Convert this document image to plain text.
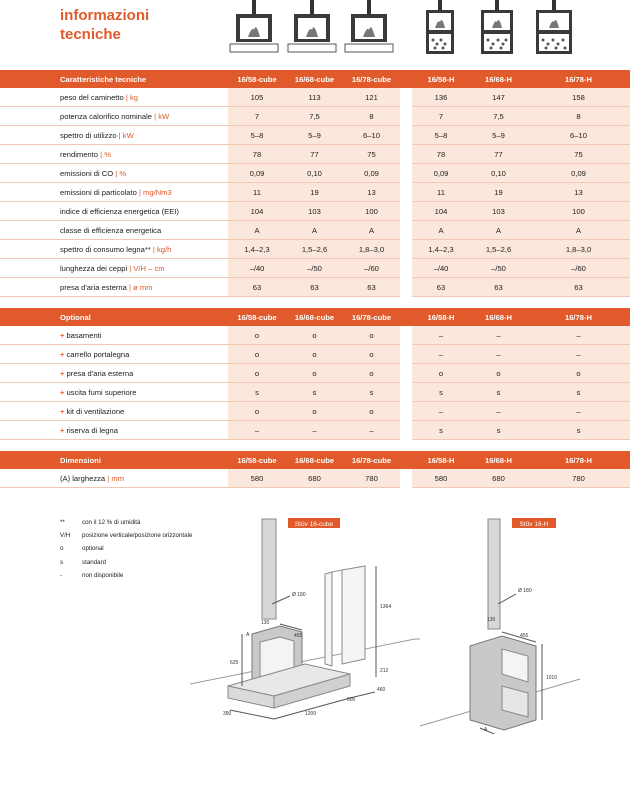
informazioni
tecniche
Caratteristiche tecniche	16/58-cube	16/68-cube	16/78-cube		16/58-H	16/68-H	16/78-H	
peso del caminetto | kg	105	113	121		136	147	158	
potenza calorifico nominale | kW	7	7,5	8		7	7,5	8	
spettro di utilizzo | kW	5–8	5–9	6–10		5–8	5–9	6–10	
rendimento | %	78	77	75		78	77	75	
emissioni di CO | %	0,09	0,10	0,09		0,09	0,10	0,09	
emissioni di particolato | mg/Nm3	11	19	13		11	19	13	
indice di efficienza energetica (EEI)	104	103	100		104	103	100	
classe di efficienza energetica	A	A	A		A	A	A	
spettro di consumo legna** | kg/h	1,4–2,3	1,5–2,6	1,8–3,0		1,4–2,3	1,5–2,6	1,8–3,0	
lunghezza dei ceppi | V/H – cm	–/40	–/50	–/60		–/40	–/50	–/60	
presa d'aria esterna | ø mm	63	63	63		63	63	63	
Optional	16/58-cube	16/68-cube	16/78-cube		16/58-H	16/68-H	16/78-H	
+ basamenti	o	o	o		–	–	–	
+ carrello portalegna	o	o	o		–	–	–	
+ presa d'aria esterna	o	o	o		o	o	o	
+ uscita fumi superiore	s	s	s		s	s	s	
+ kit di ventilazione	o	o	o		–	–	–	
+ riserva di legna	–	–	–		s	s	s	
Dimensioni	16/58-cube	16/68-cube	16/78-cube		16/58-H	16/68-H	16/78-H	
(A) larghezza | mm	580	680	780		580	680	780	
**	con il 12 % di umidità
V/H	posizione verticale/posizione orizzontale
o	optional
s	standard
-	non disponibile
Stûv 16-cube
Ø 180
130
455
625
1364
212
460
600
1200
390
A
Stûv 16-H
Ø 180
130
455
1010
A
